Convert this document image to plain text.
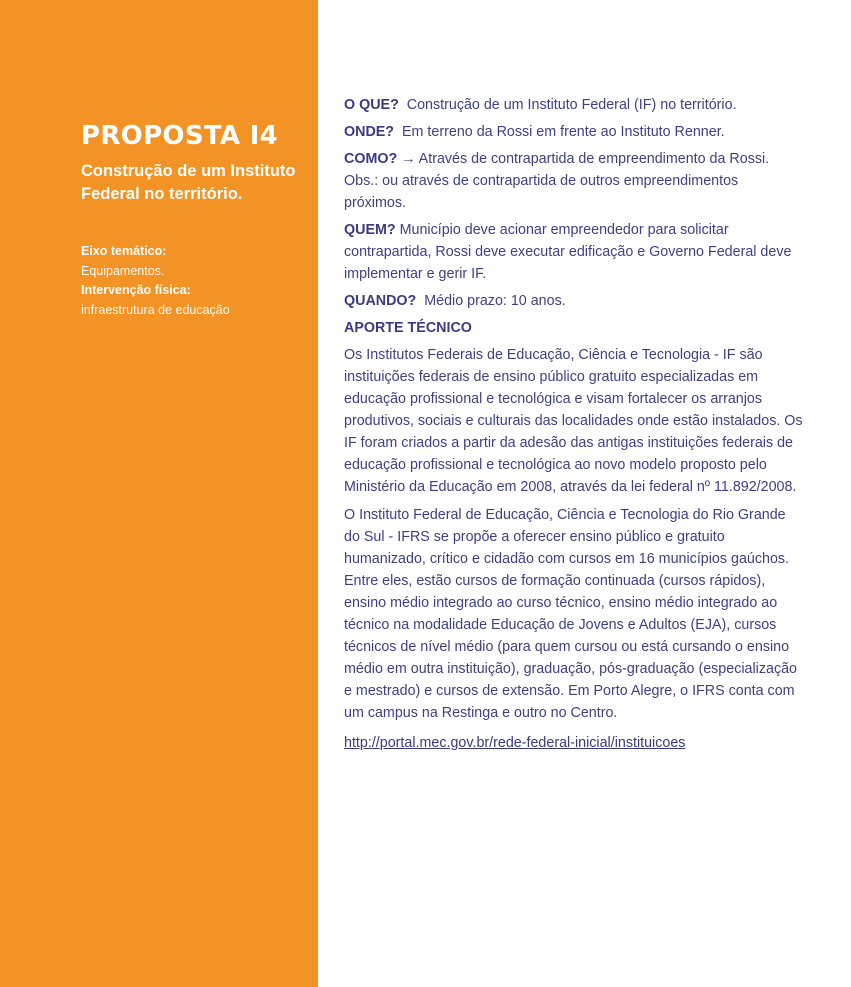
PROPOSTA I4

Construção de um Instituto Federal no território.

Eixo temático:
Equipamentos.
Intervenção física:
infraestrutura de educação

O QUE? Construção de um Instituto Federal (IF) no território.

ONDE? Em terreno da Rossi em frente ao Instituto Renner.

COMO? → Através de contrapartida de empreendimento da Rossi. Obs.: ou através de contrapartida de outros empreendimentos próximos.

QUEM? Município deve acionar empreendedor para solicitar contrapartida, Rossi deve executar edificação e Governo Federal deve implementar e gerir IF.

QUANDO? Médio prazo: 10 anos.

APORTE TÉCNICO

Os Institutos Federais de Educação, Ciência e Tecnologia - IF são instituições federais de ensino público gratuito especializadas em educação profissional e tecnológica e visam fortalecer os arranjos produtivos, sociais e culturais das localidades onde estão instalados. Os IF foram criados a partir da adesão das antigas instituições federais de educação profissional e tecnológica ao novo modelo proposto pelo Ministério da Educação em 2008, através da lei federal nº 11.892/2008.

O Instituto Federal de Educação, Ciência e Tecnologia do Rio Grande do Sul - IFRS se propõe a oferecer ensino público e gratuito humanizado, crítico e cidadão com cursos em 16 municípios gaúchos. Entre eles, estão cursos de formação continuada (cursos rápidos), ensino médio integrado ao curso técnico, ensino médio integrado ao técnico na modalidade Educação de Jovens e Adultos (EJA), cursos técnicos de nível médio (para quem cursou ou está cursando o ensino médio em outra instituição), graduação, pós-graduação (especialização e mestrado) e cursos de extensão. Em Porto Alegre, o IFRS conta com um campus na Restinga e outro no Centro.

http://portal.mec.gov.br/rede-federal-inicial/instituicoes
